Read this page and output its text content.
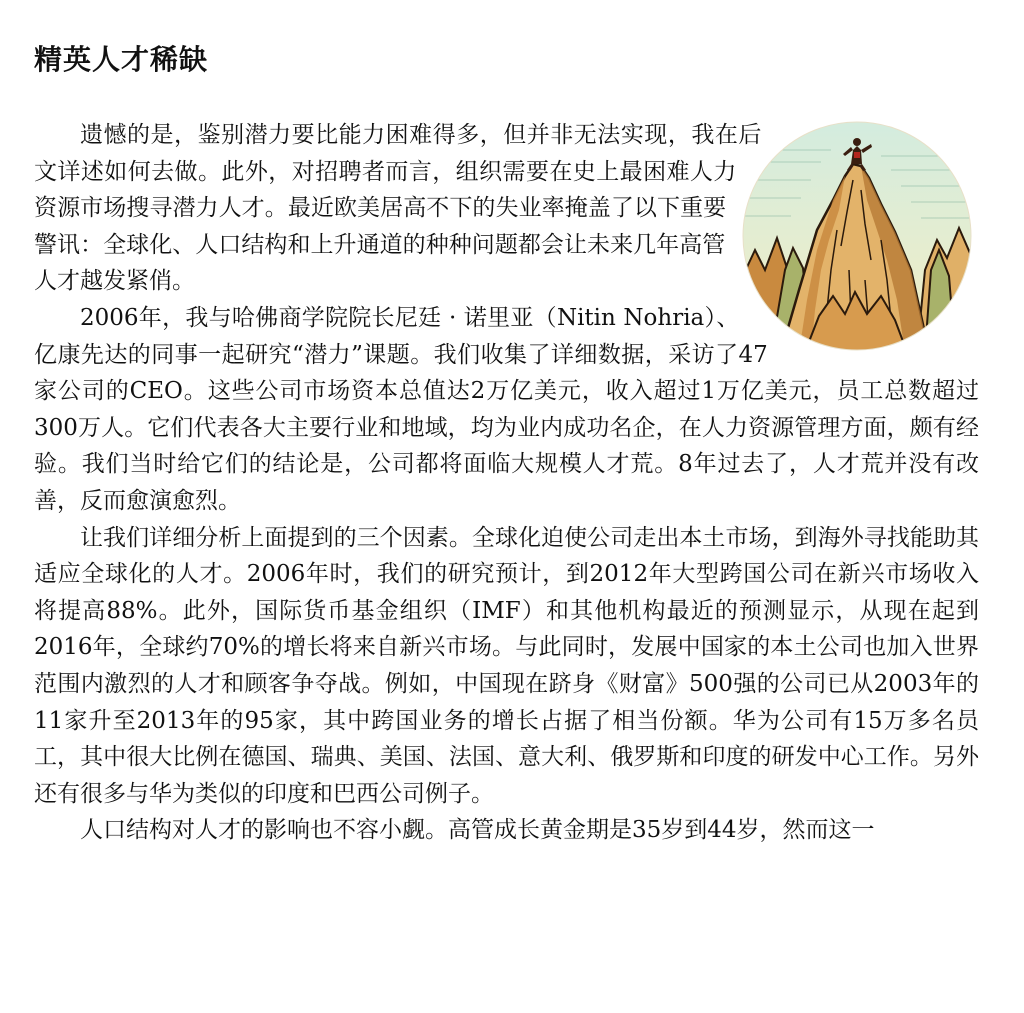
精英人才稀缺

遗憾的是，鉴别潜力要比能力困难得多，但并非无法实现，我在后文详述如何去做。此外，对招聘者而言，组织需要在史上最困难人力资源市场搜寻潜力人才。最近欧美居高不下的失业率掩盖了以下重要警讯：全球化、人口结构和上升通道的种种问题都会让未来几年高管人才越发紧俏。

2006年，我与哈佛商学院院长尼廷 · 诺里亚（Nitin Nohria）、亿康先达的同事一起研究“潜力”课题。我们收集了详细数据，采访了47家公司的CEO。这些公司市场资本总值达2万亿美元，收入超过1万亿美元，员工总数超过300万人。它们代表各大主要行业和地域，均为业内成功名企，在人力资源管理方面，颇有经验。我们当时给它们的结论是，公司都将面临大规模人才荒。8年过去了，人才荒并没有改善，反而愈演愈烈。

让我们详细分析上面提到的三个因素。全球化迫使公司走出本土市场，到海外寻找能助其适应全球化的人才。2006年时，我们的研究预计，到2012年大型跨国公司在新兴市场收入将提高88%。此外，国际货币基金组织（IMF）和其他机构最近的预测显示，从现在起到2016年，全球约70%的增长将来自新兴市场。与此同时，发展中国家的本土公司也加入世界范围内激烈的人才和顾客争夺战。例如，中国现在跻身《财富》500强的公司已从2003年的11家升至2013年的95家，其中跨国业务的增长占据了相当份额。华为公司有15万多名员工，其中很大比例在德国、瑞典、美国、法国、意大利、俄罗斯和印度的研发中心工作。另外还有很多与华为类似的印度和巴西公司例子。

人口结构对人才的影响也不容小觑。高管成长黄金期是35岁到44岁，然而这一
